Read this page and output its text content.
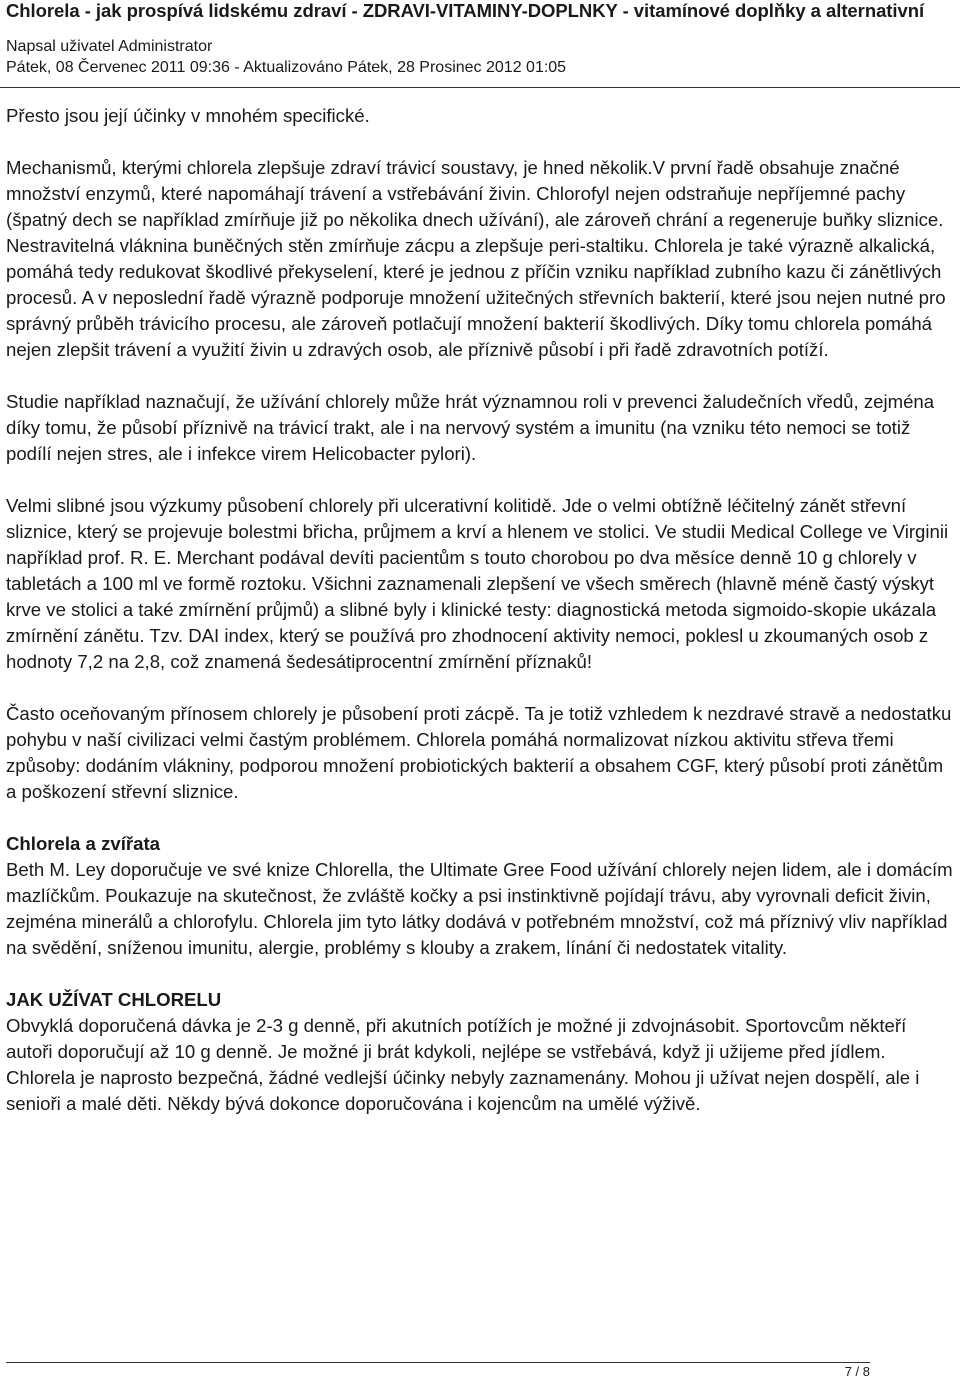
Chlorela - jak prospívá lidskému zdraví - ZDRAVI-VITAMINY-DOPLNKY - vitamínové doplňky a alternativní
Napsal uživatel Administrator
Pátek, 08 Červenec 2011 09:36 - Aktualizováno Pátek, 28 Prosinec 2012 01:05

Přesto jsou její účinky v mnohém specifické.

Mechanismů, kterými chlorela zlepšuje zdraví trávicí soustavy, je hned několik.V první řadě obsahuje značné množství enzymů, které napomáhají trávení a vstřebávání živin. Chlorofyl nejen odstraňuje nepříjemné pachy (špatný dech se například zmírňuje již po několika dnech užívání), ale zároveň chrání a regeneruje buňky sliznice. Nestravitelná vláknina buněčných stěn zmírňuje zácpu a zlepšuje peri-staltiku. Chlorela je také výrazně alkalická, pomáhá tedy redukovat škodlivé překyselení, které je jednou z příčin vzniku například zubního kazu či zánětlivých procesů. A v neposlední řadě výrazně podporuje množení užitečných střevních bakterií, které jsou nejen nutné pro správný průběh trávicího procesu, ale zároveň potlačují množení bakterií škodlivých. Díky tomu chlorela pomáhá nejen zlepšit trávení a využití živin u zdravých osob, ale příznivě působí i při řadě zdravotních potíží.

Studie například naznačují, že užívání chlorely může hrát významnou roli v prevenci žaludečních vředů, zejména díky tomu, že působí příznivě na trávicí trakt, ale i na nervový systém a imunitu (na vzniku této nemoci se totiž podílí nejen stres, ale i infekce virem Helicobacter pylori).

Velmi slibné jsou výzkumy působení chlorely při ulcerativní kolitidě. Jde o velmi obtížně léčitelný zánět střevní sliznice, který se projevuje bolestmi břicha, průjmem a krví a hlenem ve stolici. Ve studii Medical College ve Virginii například prof. R. E. Merchant podával devíti pacientům s touto chorobou po dva měsíce denně 10 g chlorely v tabletách a 100 ml ve formě roztoku. Všichni zaznamenali zlepšení ve všech směrech (hlavně méně častý výskyt krve ve stolici a také zmírnění průjmů) a slibné byly i klinické testy: diagnostická metoda sigmoido-skopie ukázala zmírnění zánětu. Tzv. DAI index, který se používá pro zhodnocení aktivity nemoci, poklesl u zkoumaných osob z hodnoty 7,2 na 2,8, což znamená šedesátiprocentní zmírnění příznaků!

Často oceňovaným přínosem chlorely je působení proti zácpě. Ta je totiž vzhledem k nezdravé stravě a nedostatku pohybu v naší civilizaci velmi častým problémem. Chlorela pomáhá normalizovat nízkou aktivitu střeva třemi způsoby: dodáním vlákniny, podporou množení probiotických bakterií a obsahem CGF, který působí proti zánětům a poškození střevní sliznice.

Chlorela a zvířata

Beth M. Ley doporučuje ve své knize Chlorella, the Ultimate Gree Food užívání chlorely nejen lidem, ale i domácím mazlíčkům. Poukazuje na skutečnost, že zvláště kočky a psi instinktivně pojídají trávu, aby vyrovnali deficit živin, zejména minerálů a chlorofylu. Chlorela jim tyto látky dodává v potřebném množství, což má příznivý vliv například na svědění, sníženou imunitu, alergie, problémy s klouby a zrakem, línání či nedostatek vitality.

JAK UŽÍVAT CHLORELU

Obvyklá doporučená dávka je 2-3 g denně, při akutních potížích je možné ji zdvojnásobit. Sportovcům někteří autoři doporučují až 10 g denně. Je možné ji brát kdykoli, nejlépe se vstřebává, když ji užijeme před jídlem. Chlorela je naprosto bezpečná, žádné vedlejší účinky nebyly zaznamenány. Mohou ji užívat nejen dospělí, ale i senioři a malé děti. Někdy bývá dokonce doporučována i kojencům na umělé výživě.

7 / 8
